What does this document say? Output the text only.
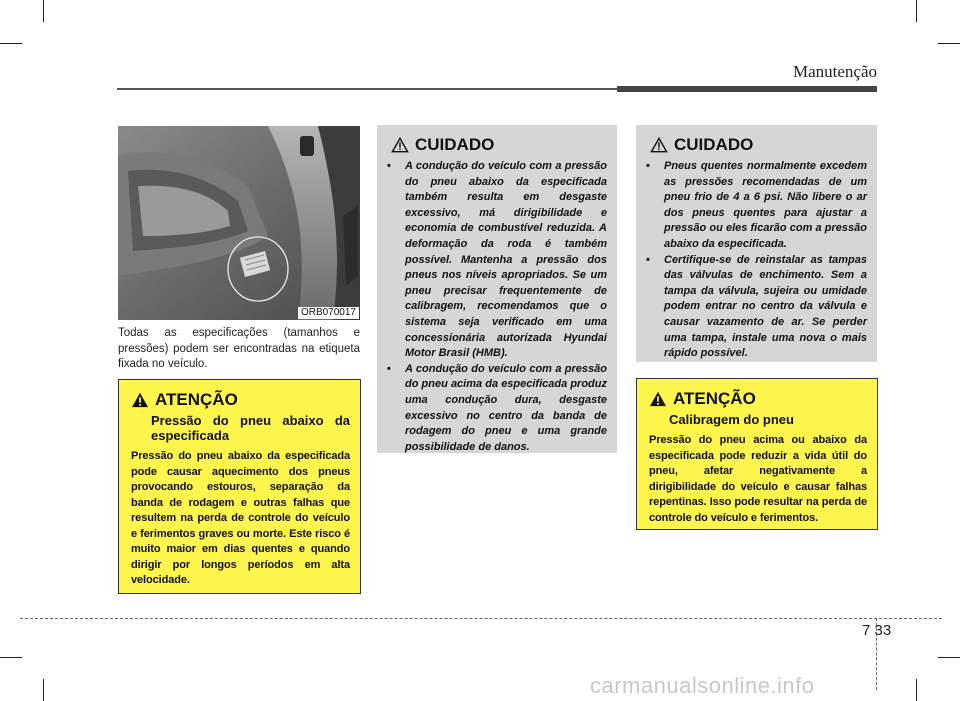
Manutenção
ORB070017
Todas as especificações (tamanhos e pressões) podem ser encontradas na etiqueta fixada no veículo.
ATENÇÃO
Pressão do pneu abaixo da especificada
Pressão do pneu abaixo da especificada pode causar aquecimento dos pneus provocando estouros, separação da banda de rodagem e outras falhas que resultem na perda de controle do veículo e ferimentos graves ou morte. Este risco é muito maior em dias quentes e quando dirigir por longos períodos em alta velocidade.
CUIDADO
• A condução do veículo com a pressão do pneu abaixo da especificada também resulta em desgaste excessivo, má dirigibilidade e economia de combustível reduzida. A deformação da roda é também possível. Mantenha a pressão dos pneus nos níveis apropriados. Se um pneu precisar frequentemente de calibragem, recomendamos que o sistema seja verificado em uma concessionária autorizada Hyundai Motor Brasil (HMB).
• A condução do veículo com a pressão do pneu acima da especificada produz uma condução dura, desgaste excessivo no centro da banda de rodagem do pneu e uma grande possibilidade de danos.
CUIDADO
• Pneus quentes normalmente excedem as pressões recomendadas de um pneu frio de 4 a 6 psi. Não libere o ar dos pneus quentes para ajustar a pressão ou eles ficarão com a pressão abaixo da especificada.
• Certifique-se de reinstalar as tampas das válvulas de enchimento. Sem a tampa da válvula, sujeira ou umidade podem entrar no centro da válvula e causar vazamento de ar. Se perder uma tampa, instale uma nova o mais rápido possível.
ATENÇÃO
Calibragem do pneu
Pressão do pneu acima ou abaixo da especificada pode reduzir a vida útil do pneu, afetar negativamente a dirigibilidade do veículo e causar falhas repentinas. Isso pode resultar na perda de controle do veículo e ferimentos.
7 33
carmanualsonline.info
